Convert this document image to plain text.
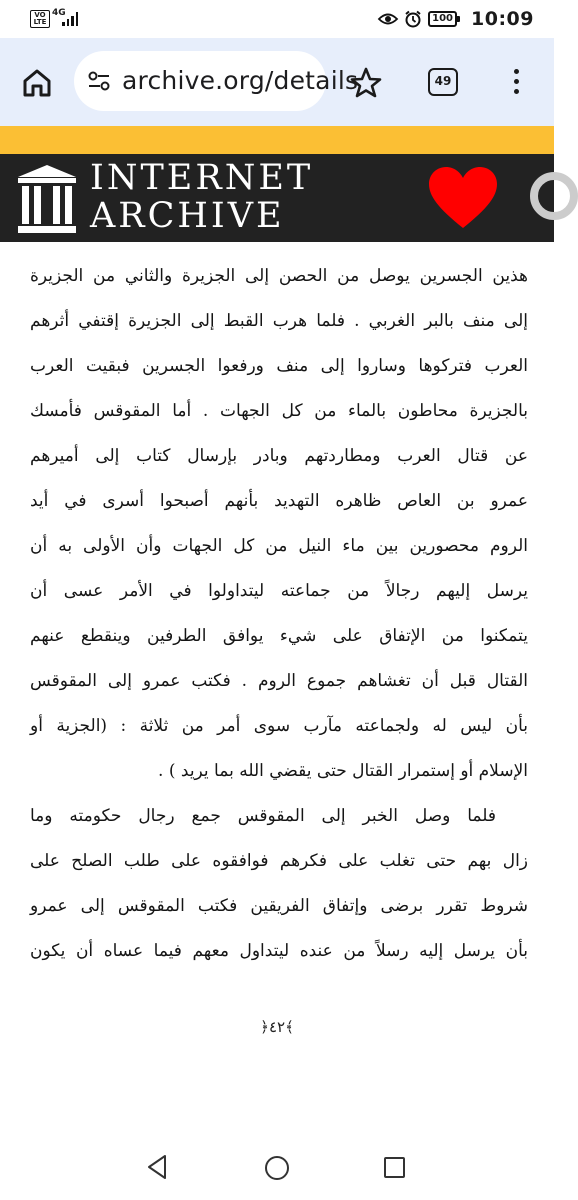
VO
LTE
4G	100 10:09
archive.org/details	49
INTERNET
ARCHIVE
هذين الجسرين يوصل من الحصن إلى الجزيرة والثاني من الجزيرة
إلى منف بالبر الغربي . فلما هرب القبط إلى الجزيرة إقتفي أثرهم
العرب فتركوها وساروا إلى منف ورفعوا الجسرين فبقيت العرب
بالجزيرة محاطون بالماء من كل الجهات . أما المقوقس فأمسك
عن قتال العرب ومطاردتهم وبادر بإرسال كتاب إلى أميرهم
عمرو بن العاص ظاهره التهديد بأنهم أصبحوا أسرى في أيد
الروم محصورين بين ماء النيل من كل الجهات وأن الأولى به أن
يرسل إليهم رجالاً من جماعته ليتداولوا في الأمر عسى أن
يتمكنوا من الإتفاق على شيء يوافق الطرفين وينقطع عنهم
القتال قبل أن تغشاهم جموع الروم . فكتب عمرو إلى المقوقس
بأن ليس له ولجماعته مآرب سوى أمر من ثلاثة : (الجزية أو
الإسلام أو إستمرار القتال حتى يقضي الله بما يريد ) .
فلما وصل الخبر إلى المقوقس جمع رجال حكومته وما
زال بهم حتى تغلب على فكرهم فوافقوه على طلب الصلح على
شروط تقرر برضى وإتفاق الفريقين فكتب المقوقس إلى عمرو
بأن يرسل إليه رسلاً من عنده ليتداول معهم فيما عساه أن يكون
﴿٤٢﴾
